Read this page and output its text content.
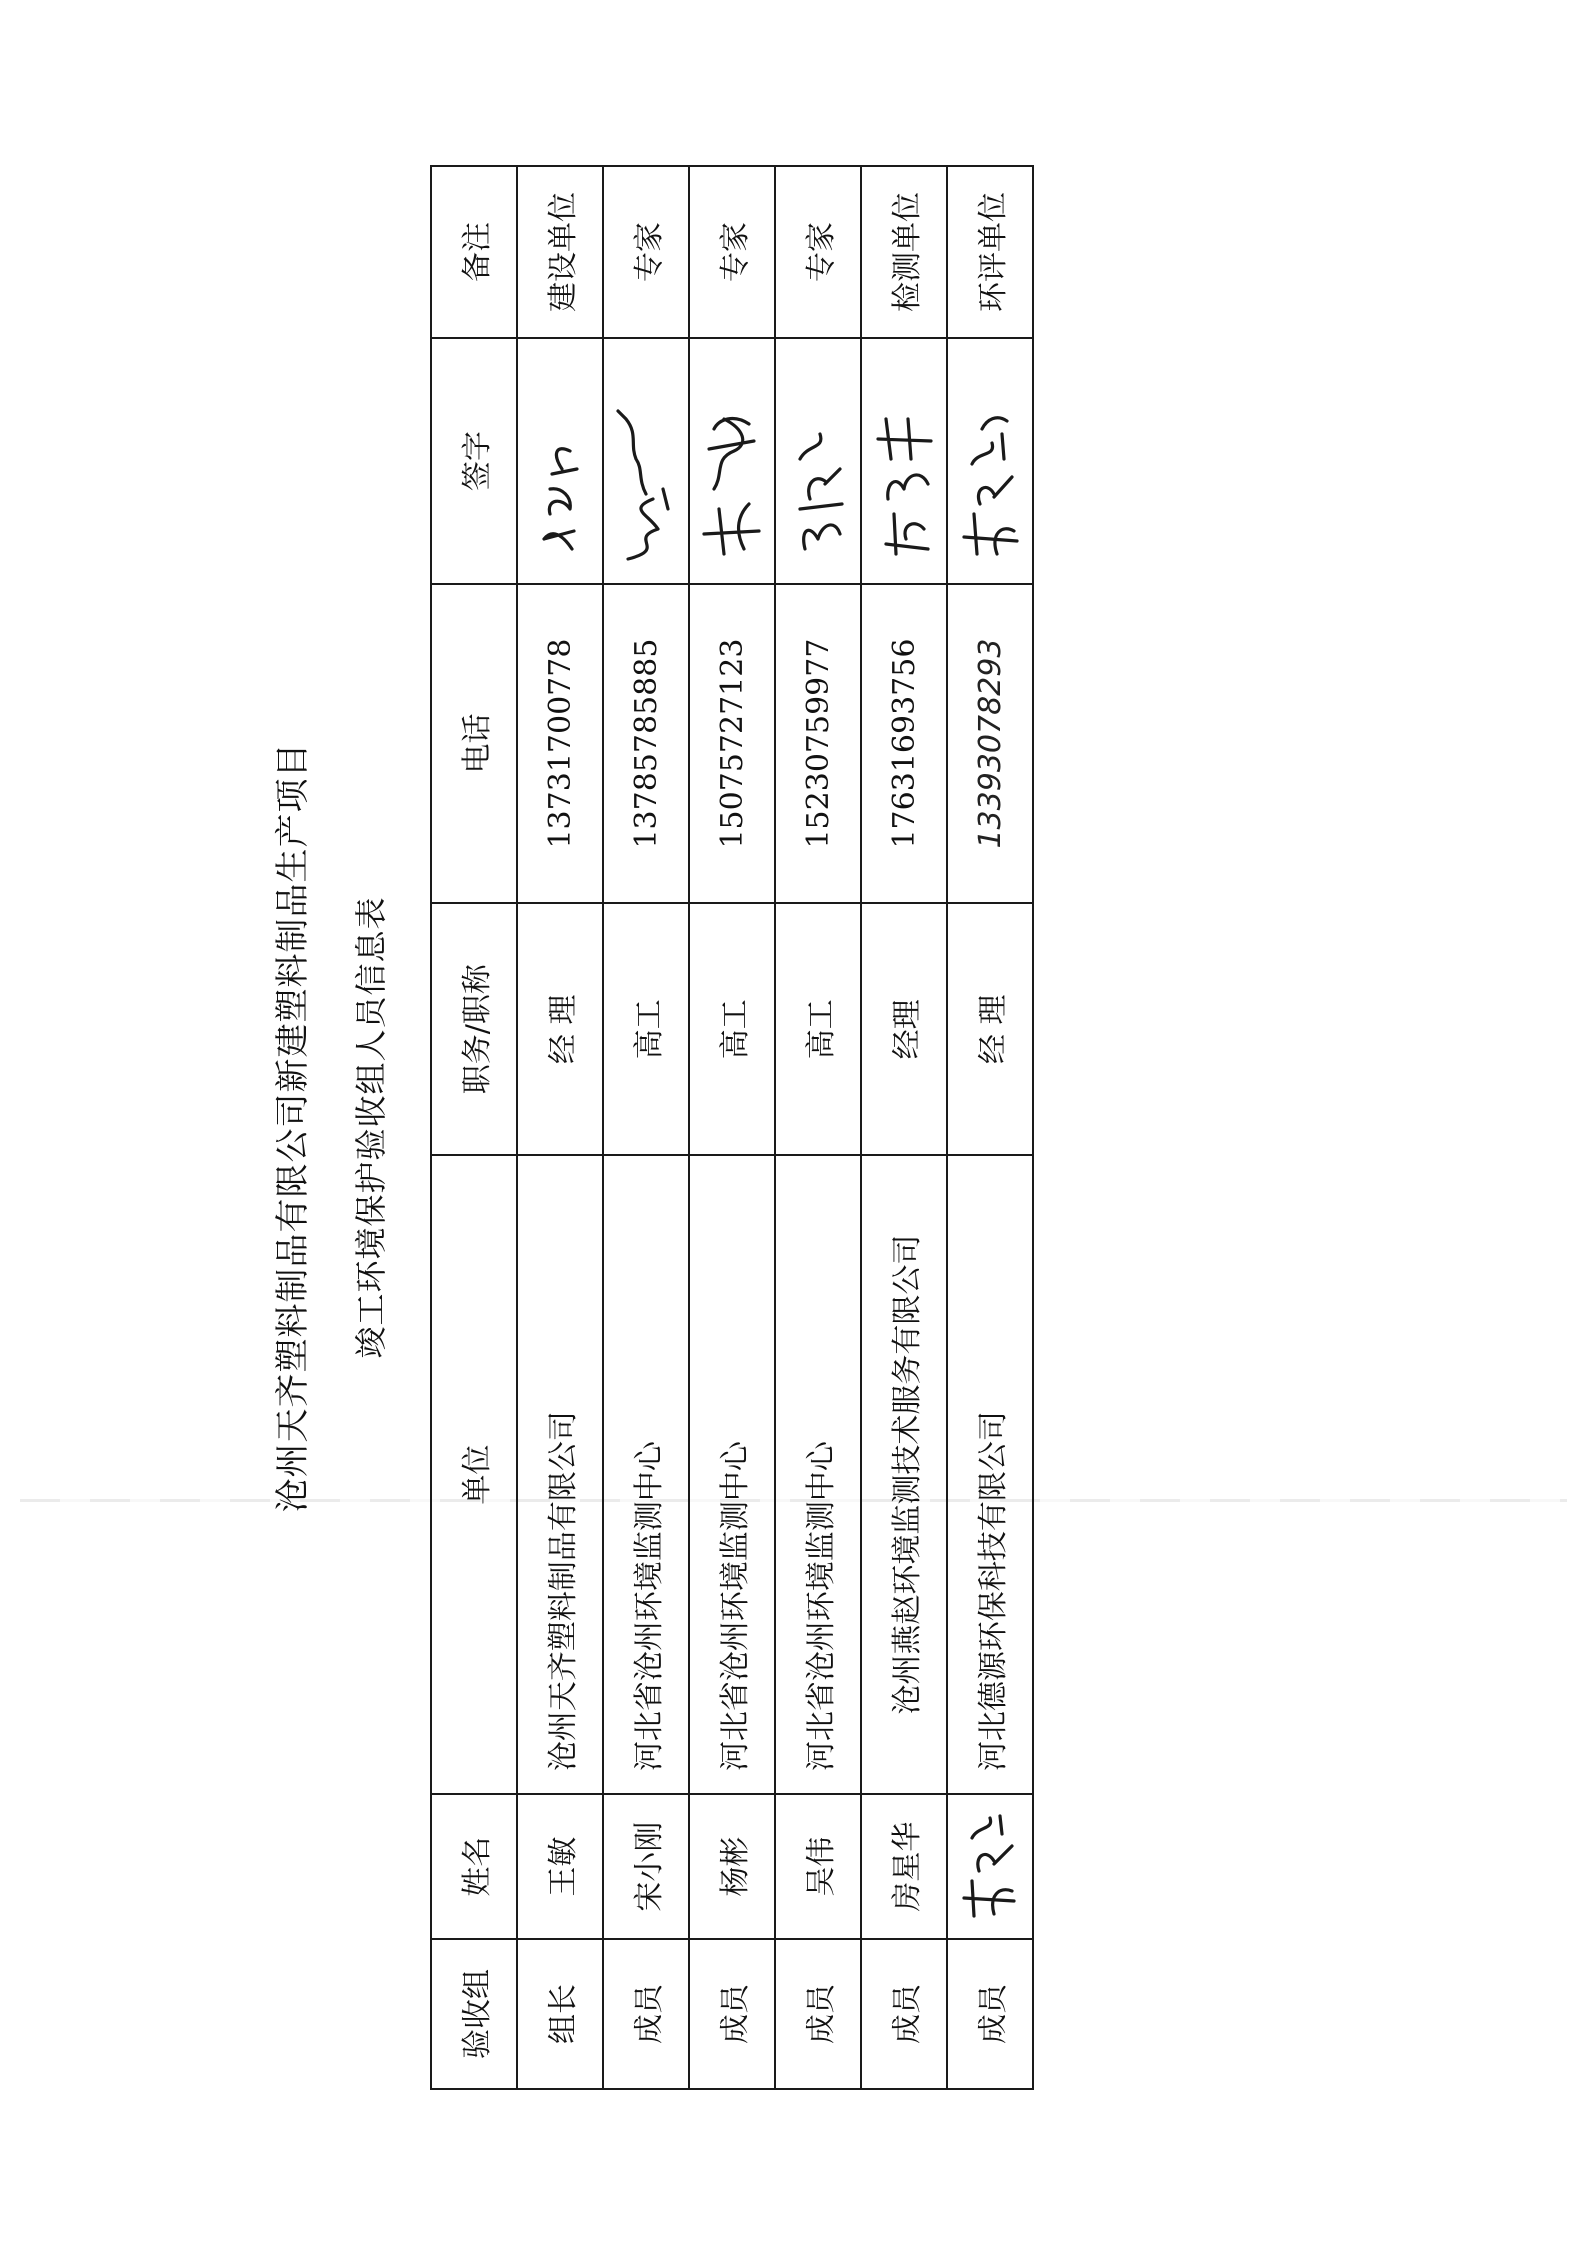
沧州天齐塑料制品有限公司新建塑料制品生产项目 竣工环境保护验收组人员信息表
验收组	姓名	单位	职务/职称	电话	签字	备注
组长	王敏	沧州天齐塑料制品有限公司	经 理	13731700778		建设单位
成员	宋小刚	河北省沧州环境监测中心	高工	13785785885		专家
成员	杨彬	河北省沧州环境监测中心	高工	15075727123		专家
成员	吴伟	河北省沧州环境监测中心	高工	15230759977		专家
成员	房星华	沧州燕赵环境监测技术服务有限公司	经理	17631693756		检测单位
成员		河北德源环保科技有限公司	经 理	13393078293		环评单位
